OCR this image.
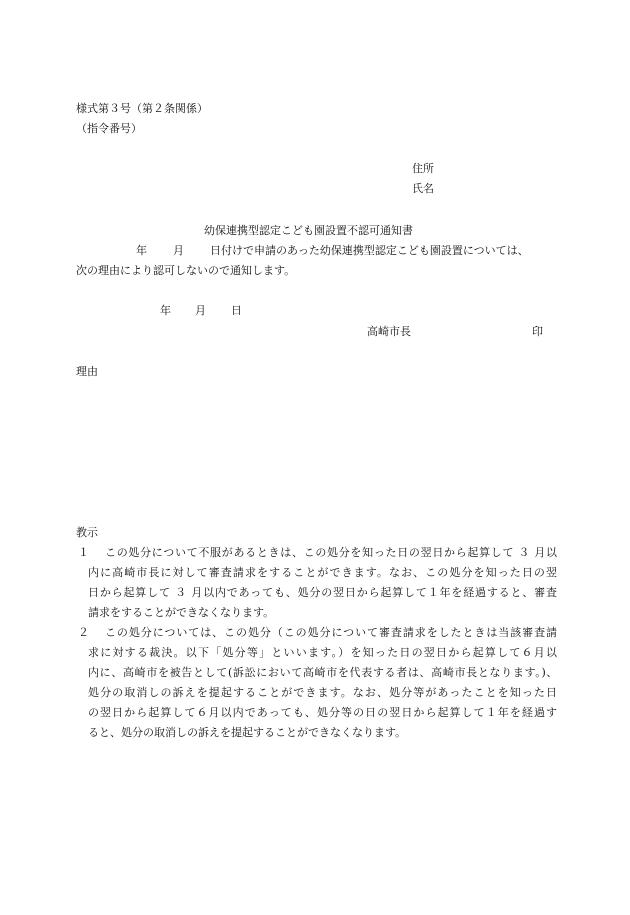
様式第３号（第２条関係）
（指令番号）
住所
氏名
幼保連携型認定こども園設置不認可通知書
年 月 日付けで申請のあった幼保連携型認定こども園設置については、
次の理由により認可しないので通知します。
年 月 日
高崎市長	印
理由
教示
１ この処分について不服があるときは、この処分を知った日の翌日から起算して ３ 月以
内に高崎市長に対して審査請求をすることができます。なお、この処分を知った日の翌
日から起算して ３ 月以内であっても、処分の翌日から起算して１年を経過すると、審査
請求をすることができなくなります。
２ この処分については、この処分（この処分について審査請求をしたときは当該審査請
求に対する裁決。以下「処分等」といいます。）を知った日の翌日から起算して６月以
内に、高崎市を被告として(訴訟において高崎市を代表する者は、高崎市長となります。)、
処分の取消しの訴えを提起することができます。なお、処分等があったことを知った日
の翌日から起算して６月以内であっても、処分等の日の翌日から起算して１年を経過す
ると、処分の取消しの訴えを提起することができなくなります。
